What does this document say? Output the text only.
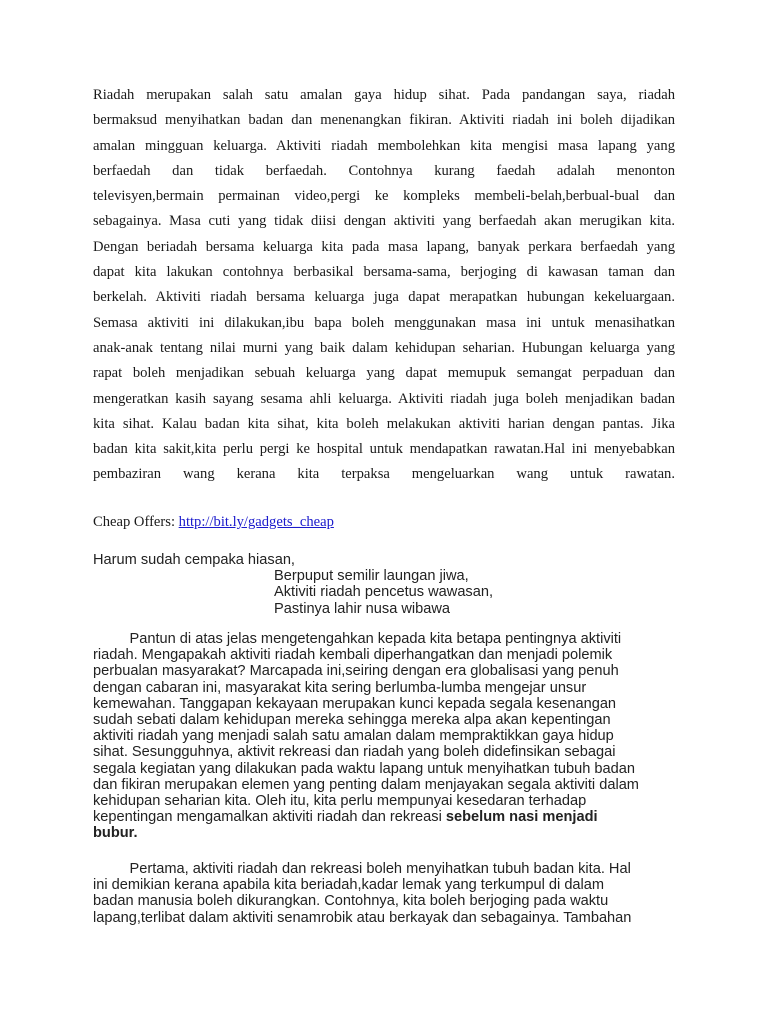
Riadah merupakan salah satu amalan gaya hidup sihat. Pada pandangan saya, riadah
bermaksud menyihatkan badan dan menenangkan fikiran. Aktiviti riadah ini boleh dijadikan
amalan mingguan keluarga. Aktiviti riadah membolehkan kita mengisi masa lapang yang
berfaedah dan tidak berfaedah. Contohnya kurang faedah adalah menonton
televisyen,bermain permainan video,pergi ke kompleks membeli-belah,berbual-bual dan
sebagainya. Masa cuti yang tidak diisi dengan aktiviti yang berfaedah akan merugikan kita.
Dengan beriadah bersama keluarga kita pada masa lapang, banyak perkara berfaedah yang
dapat kita lakukan contohnya berbasikal bersama-sama, berjoging di kawasan taman dan
berkelah. Aktiviti riadah bersama keluarga juga dapat merapatkan hubungan kekeluargaan.
Semasa aktiviti ini dilakukan,ibu bapa boleh menggunakan masa ini untuk menasihatkan
anak-anak tentang nilai murni yang baik dalam kehidupan seharian. Hubungan keluarga yang
rapat boleh menjadikan sebuah keluarga yang dapat memupuk semangat perpaduan dan
mengeratkan kasih sayang sesama ahli keluarga. Aktiviti riadah juga boleh menjadikan badan
kita sihat. Kalau badan kita sihat, kita boleh melakukan aktiviti harian dengan pantas. Jika
badan kita sakit,kita perlu pergi ke hospital untuk mendapatkan rawatan.Hal ini menyebabkan
pembaziran wang kerana kita terpaksa mengeluarkan wang untuk rawatan.
Cheap Offers: http://bit.ly/gadgets_cheap
Harum sudah cempaka hiasan,
Berpuput semilir laungan jiwa,
Aktiviti riadah pencetus wawasan,
Pastinya lahir nusa wibawa
Pantun di atas jelas mengetengahkan kepada kita betapa pentingnya aktiviti
riadah. Mengapakah aktiviti riadah kembali diperhangatkan dan menjadi polemik
perbualan masyarakat? Marcapada ini,seiring dengan era globalisasi yang penuh
dengan cabaran ini, masyarakat kita sering berlumba-lumba mengejar unsur
kemewahan. Tanggapan kekayaan merupakan kunci kepada segala kesenangan
sudah sebati dalam kehidupan mereka sehingga mereka alpa akan kepentingan
aktiviti riadah yang menjadi salah satu amalan dalam mempraktikkan gaya hidup
sihat. Sesungguhnya, aktivit rekreasi dan riadah yang boleh didefinsikan sebagai
segala kegiatan yang dilakukan pada waktu lapang untuk menyihatkan tubuh badan
dan fikiran merupakan elemen yang penting dalam menjayakan segala aktiviti dalam
kehidupan seharian kita. Oleh itu, kita perlu mempunyai kesedaran terhadap
kepentingan mengamalkan aktiviti riadah dan rekreasi sebelum nasi menjadi
bubur.
Pertama, aktiviti riadah dan rekreasi boleh menyihatkan tubuh badan kita. Hal
ini demikian kerana apabila kita beriadah,kadar lemak yang terkumpul di dalam
badan manusia boleh dikurangkan. Contohnya, kita boleh berjoging pada waktu
lapang,terlibat dalam aktiviti senamrobik atau berkayak dan sebagainya. Tambahan
